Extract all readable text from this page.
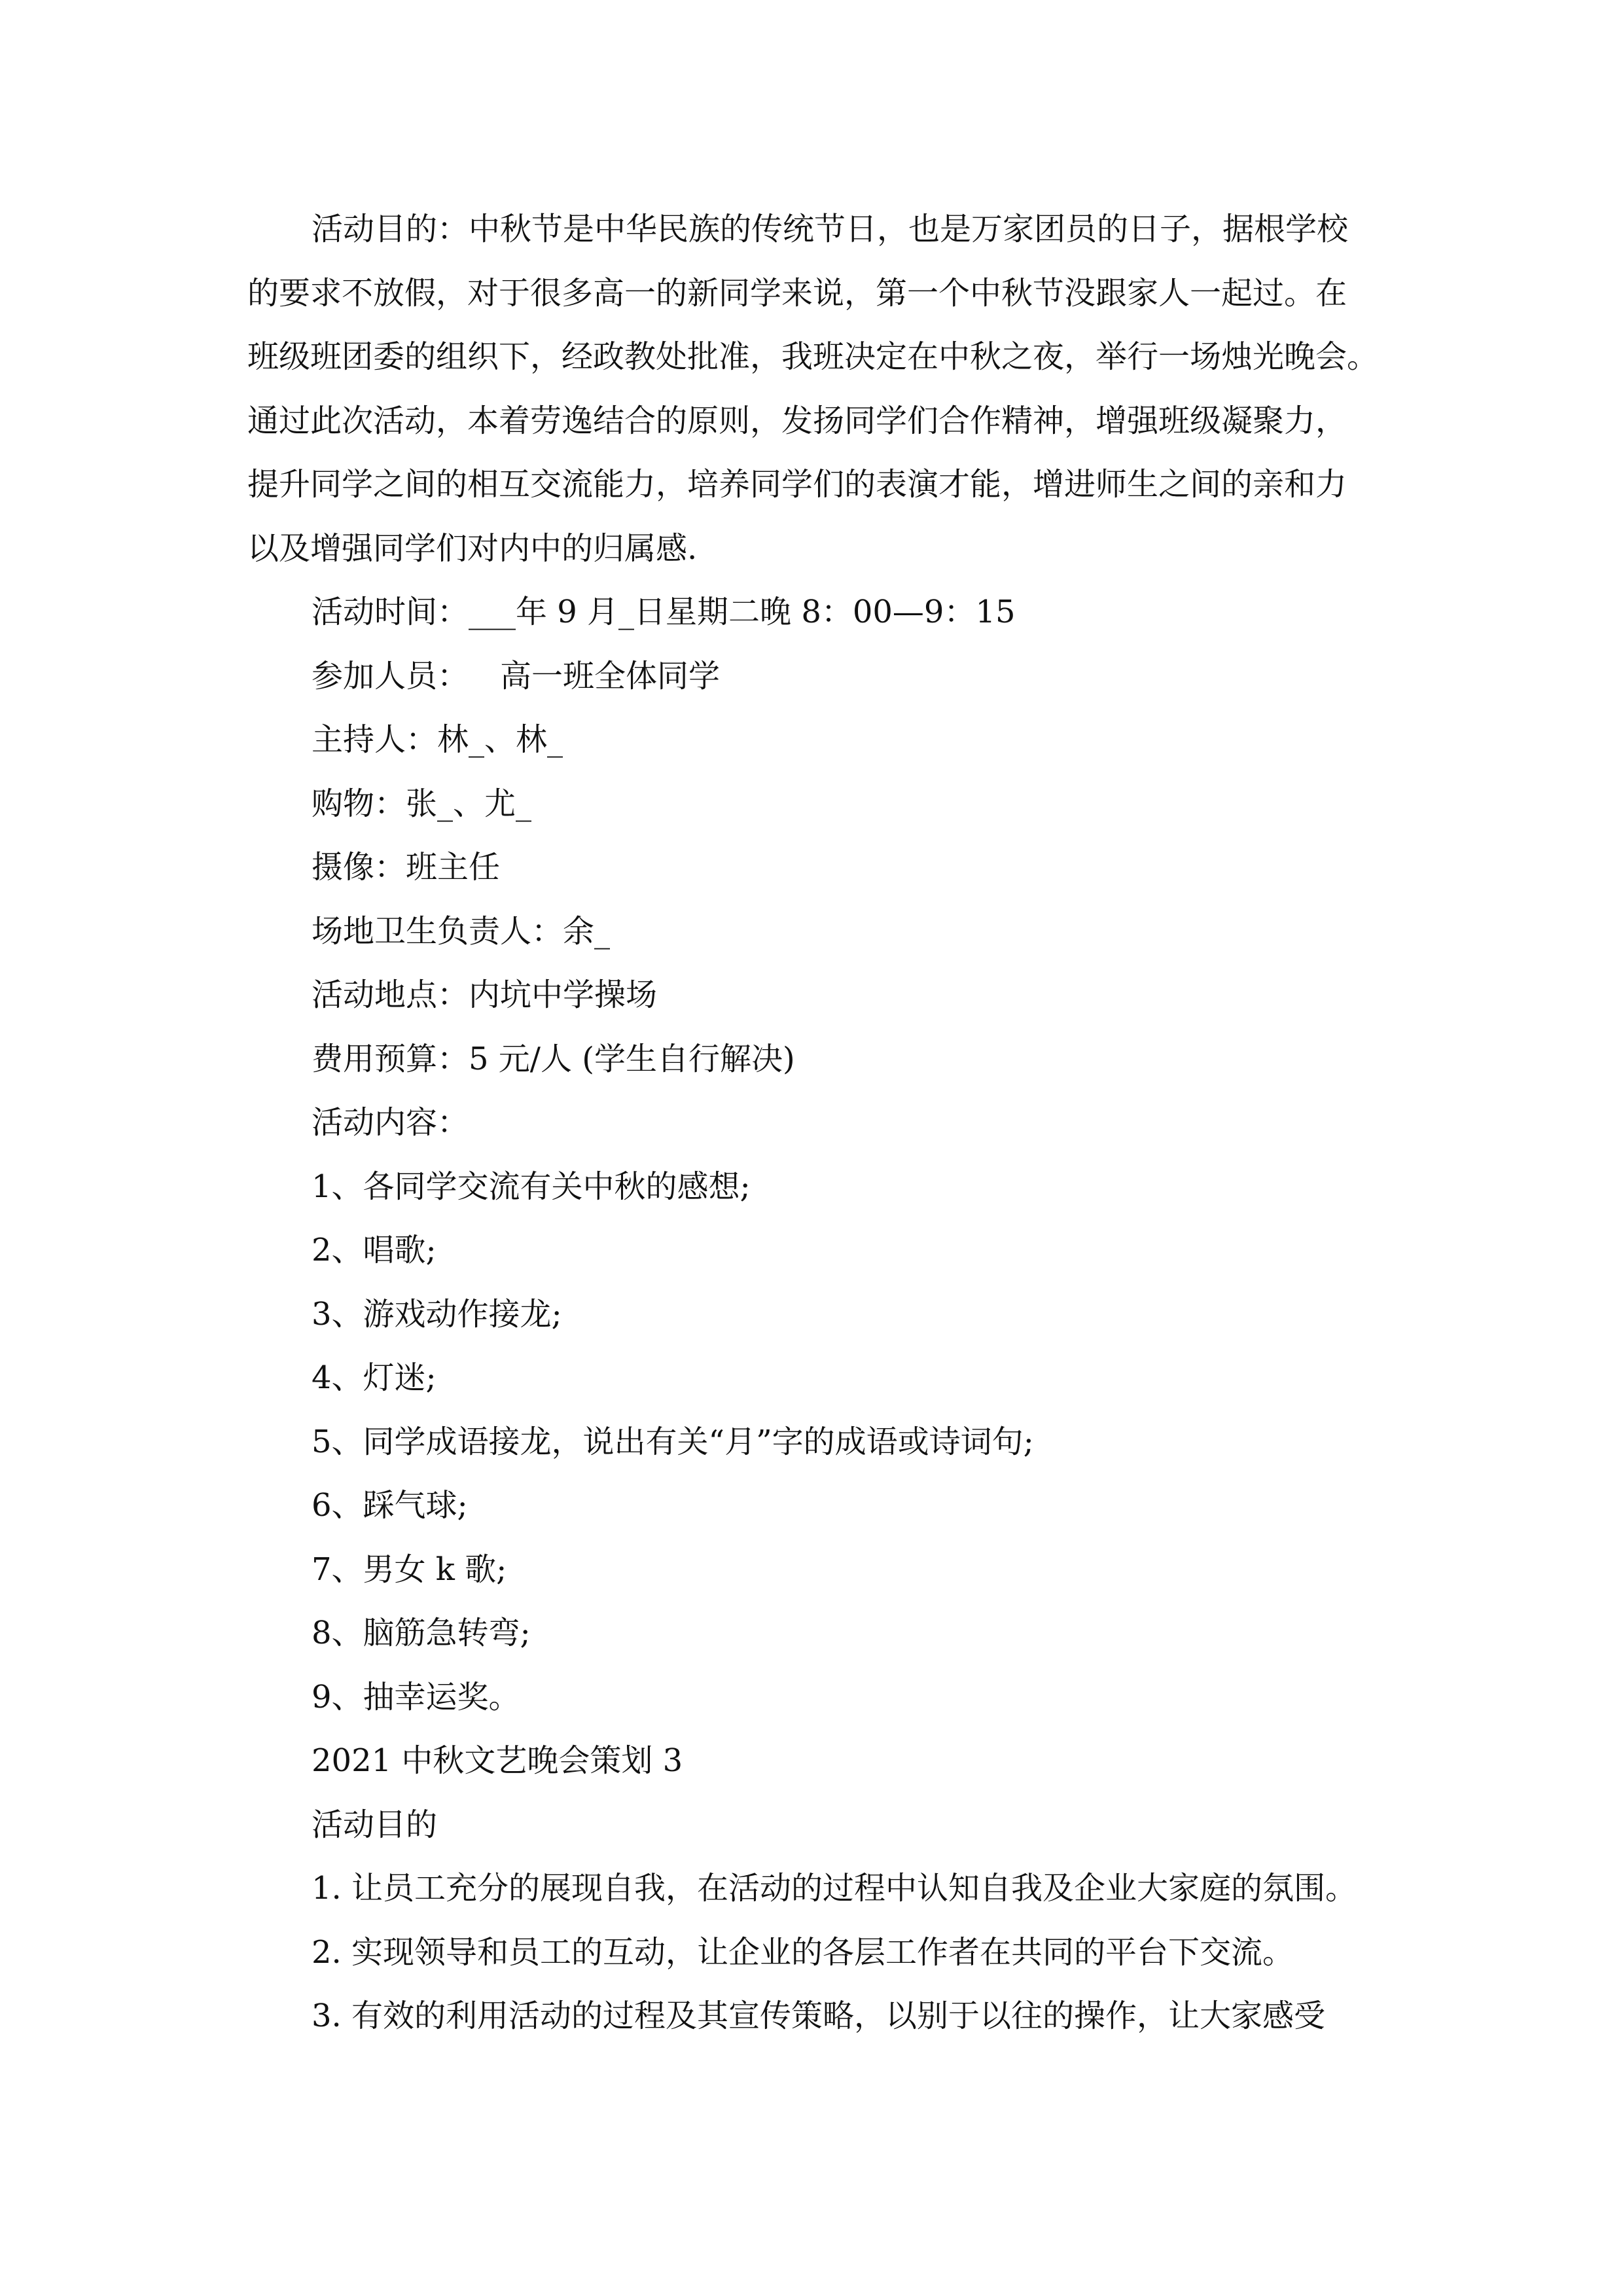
活动目的：中秋节是中华民族的传统节日，也是万家团员的日子，据根学校
的要求不放假，对于很多高一的新同学来说，第一个中秋节没跟家人一起过。在
班级班团委的组织下，经政教处批准，我班决定在中秋之夜，举行一场烛光晚会。
通过此次活动，本着劳逸结合的原则，发扬同学们合作精神，增强班级凝聚力，
提升同学之间的相互交流能力，培养同学们的表演才能，增进师生之间的亲和力
以及增强同学们对内中的归属感.
活动时间：___年 9 月_日星期二晚 8：00—9：15
参加人员： 高一班全体同学
主持人：林_、林_
购物：张_、尤_
摄像：班主任
场地卫生负责人：余_
活动地点：内坑中学操场
费用预算：5 元/人 (学生自行解决)
活动内容：
1、各同学交流有关中秋的感想;
2、唱歌;
3、游戏动作接龙;
4、灯迷;
5、同学成语接龙，说出有关“月”字的成语或诗词句;
6、踩气球;
7、男女 k 歌;
8、脑筋急转弯;
9、抽幸运奖。
2021 中秋文艺晚会策划 3
活动目的
1. 让员工充分的展现自我，在活动的过程中认知自我及企业大家庭的氛围。
2. 实现领导和员工的互动，让企业的各层工作者在共同的平台下交流。
3. 有效的利用活动的过程及其宣传策略，以别于以往的操作，让大家感受
